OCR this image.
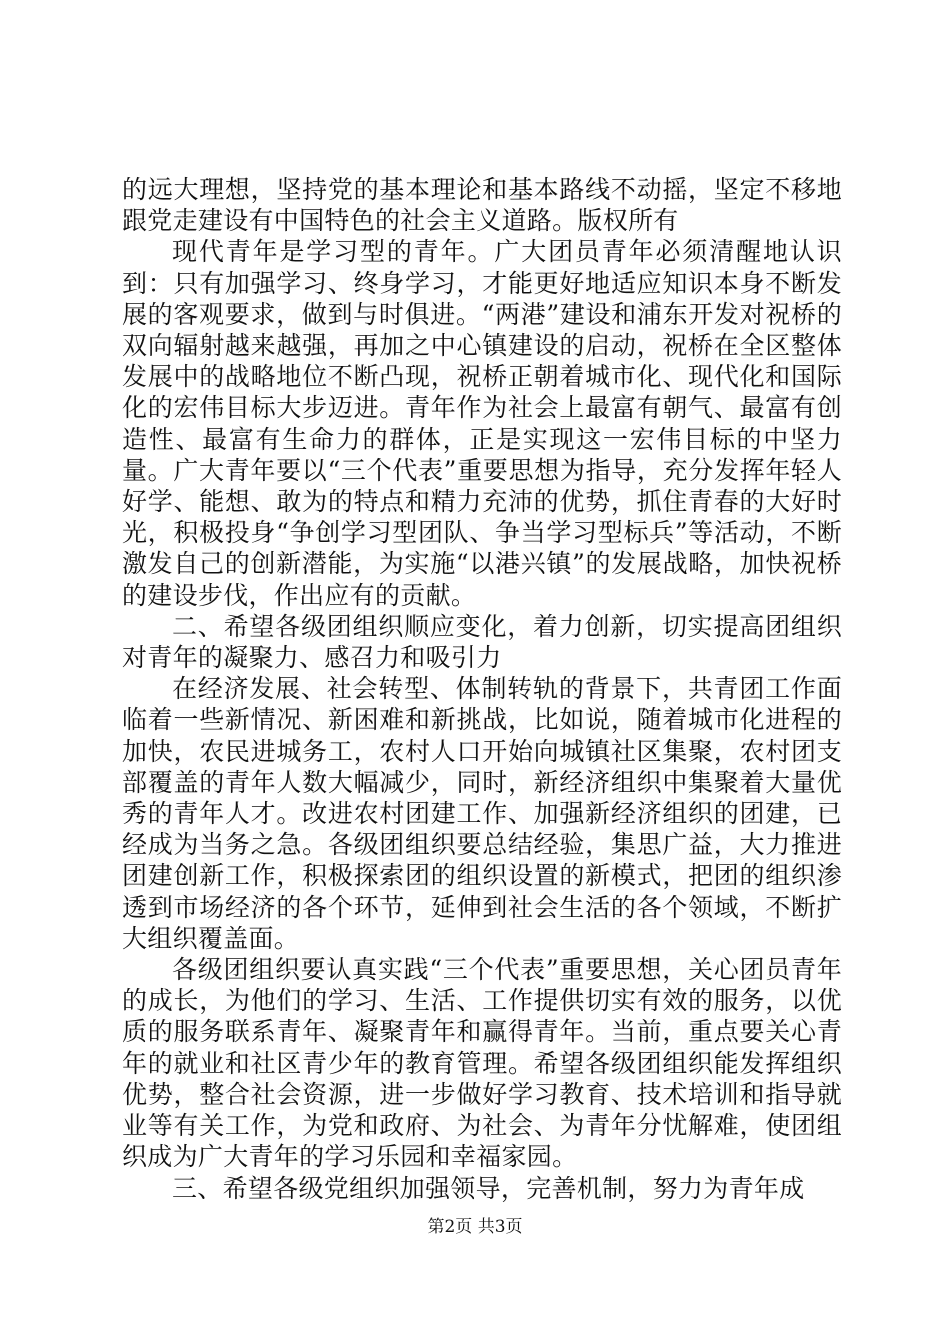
的远大理想，坚持党的基本理论和基本路线不动摇，坚定不移地跟党走建设有中国特色的社会主义道路。版权所有

现代青年是学习型的青年。广大团员青年必须清醒地认识到：只有加强学习、终身学习，才能更好地适应知识本身不断发展的客观要求，做到与时俱进。“两港”建设和浦东开发对祝桥的双向辐射越来越强，再加之中心镇建设的启动，祝桥在全区整体发展中的战略地位不断凸现，祝桥正朝着城市化、现代化和国际化的宏伟目标大步迈进。青年作为社会上最富有朝气、最富有创造性、最富有生命力的群体，正是实现这一宏伟目标的中坚力量。广大青年要以“三个代表”重要思想为指导，充分发挥年轻人好学、能想、敢为的特点和精力充沛的优势，抓住青春的大好时光，积极投身“争创学习型团队、争当学习型标兵”等活动，不断激发自己的创新潜能，为实施“以港兴镇”的发展战略，加快祝桥的建设步伐，作出应有的贡献。

二、希望各级团组织顺应变化，着力创新，切实提高团组织对青年的凝聚力、感召力和吸引力

在经济发展、社会转型、体制转轨的背景下，共青团工作面临着一些新情况、新困难和新挑战，比如说，随着城市化进程的加快，农民进城务工，农村人口开始向城镇社区集聚，农村团支部覆盖的青年人数大幅减少，同时，新经济组织中集聚着大量优秀的青年人才。改进农村团建工作、加强新经济组织的团建，已经成为当务之急。各级团组织要总结经验，集思广益，大力推进团建创新工作，积极探索团的组织设置的新模式，把团的组织渗透到市场经济的各个环节，延伸到社会生活的各个领域，不断扩大组织覆盖面。

各级团组织要认真实践“三个代表”重要思想，关心团员青年的成长，为他们的学习、生活、工作提供切实有效的服务，以优质的服务联系青年、凝聚青年和赢得青年。当前，重点要关心青年的就业和社区青少年的教育管理。希望各级团组织能发挥组织优势，整合社会资源，进一步做好学习教育、技术培训和指导就业等有关工作，为党和政府、为社会、为青年分忧解难，使团组织成为广大青年的学习乐园和幸福家园。

三、希望各级党组织加强领导，完善机制，努力为青年成

第2页 共3页
